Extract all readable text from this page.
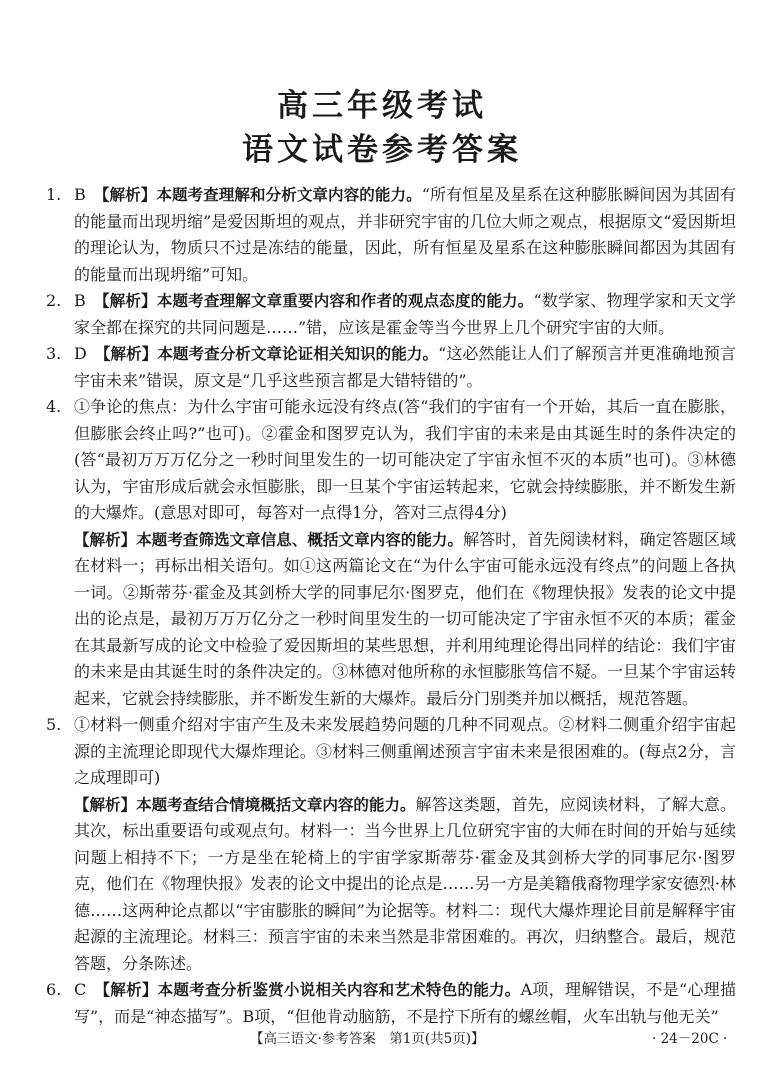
高三年级考试
语文试卷参考答案
1. B 【解析】本题考查理解和分析文章内容的能力。“所有恒星及星系在这种膨胀瞬间因为其固有的能量而出现坍缩”是爱因斯坦的观点，并非研究宇宙的几位大师之观点，根据原文“爱因斯坦的理论认为，物质只不过是冻结的能量，因此，所有恒星及星系在这种膨胀瞬间都因为其固有的能量而出现坍缩”可知。
2. B 【解析】本题考查理解文章重要内容和作者的观点态度的能力。“数学家、物理学家和天文学家全都在探究的共同问题是……”错，应该是霍金等当今世界上几个研究宇宙的大师。
3. D 【解析】本题考查分析文章论证相关知识的能力。“这必然能让人们了解预言并更准确地预言宇宙未来”错误，原文是“几乎这些预言都是大错特错的”。
4. ①争论的焦点：为什么宇宙可能永远没有终点(答“我们的宇宙有一个开始，其后一直在膨胀，但膨胀会终止吗?”也可)。②霍金和图罗克认为，我们宇宙的未来是由其诞生时的条件决定的(答“最初万万万亿分之一秒时间里发生的一切可能决定了宇宙永恒不灭的本质”也可)。③林德认为，宇宙形成后就会永恒膨胀，即一旦某个宇宙运转起来，它就会持续膨胀，并不断发生新的大爆炸。(意思对即可，每答对一点得1分，答对三点得4分)
【解析】本题考查筛选文章信息、概括文章内容的能力。解答时，首先阅读材料，确定答题区域在材料一；再标出相关语句。如①这两篇论文在“为什么宇宙可能永远没有终点”的问题上各执一词。②斯蒂芬·霍金及其剑桥大学的同事尼尔·图罗克，他们在《物理快报》发表的论文中提出的论点是，最初万万万亿分之一秒时间里发生的一切可能决定了宇宙永恒不灭的本质；霍金在其最新写成的论文中检验了爱因斯坦的某些思想，并利用纯理论得出同样的结论：我们宇宙的未来是由其诞生时的条件决定的。③林德对他所称的永恒膨胀笃信不疑。一旦某个宇宙运转起来，它就会持续膨胀，并不断发生新的大爆炸。最后分门别类并加以概括，规范答题。
5. ①材料一侧重介绍对宇宙产生及未来发展趋势问题的几种不同观点。②材料二侧重介绍宇宙起源的主流理论即现代大爆炸理论。③材料三侧重阐述预言宇宙未来是很困难的。(每点2分，言之成理即可)
【解析】本题考查结合情境概括文章内容的能力。解答这类题，首先，应阅读材料，了解大意。其次，标出重要语句或观点句。材料一：当今世界上几位研究宇宙的大师在时间的开始与延续问题上相持不下；一方是坐在轮椅上的宇宙学家斯蒂芬·霍金及其剑桥大学的同事尼尔·图罗克，他们在《物理快报》发表的论文中提出的论点是……另一方是美籍俄裔物理学家安德烈·林德……这两种论点都以“宇宙膨胀的瞬间”为论据等。材料二：现代大爆炸理论目前是解释宇宙起源的主流理论。材料三：预言宇宙的未来当然是非常困难的。再次，归纳整合。最后，规范答题，分条陈述。
6. C 【解析】本题考查分析鉴赏小说相关内容和艺术特色的能力。A项，理解错误，不是“心理描写”，而是“神态描写”。B项，“但他肯动脑筋，不是拧下所有的螺丝帽，火车出轨与他无关”
【高三语文·参考答案　第1页(共5页)】	· 24－20C ·
